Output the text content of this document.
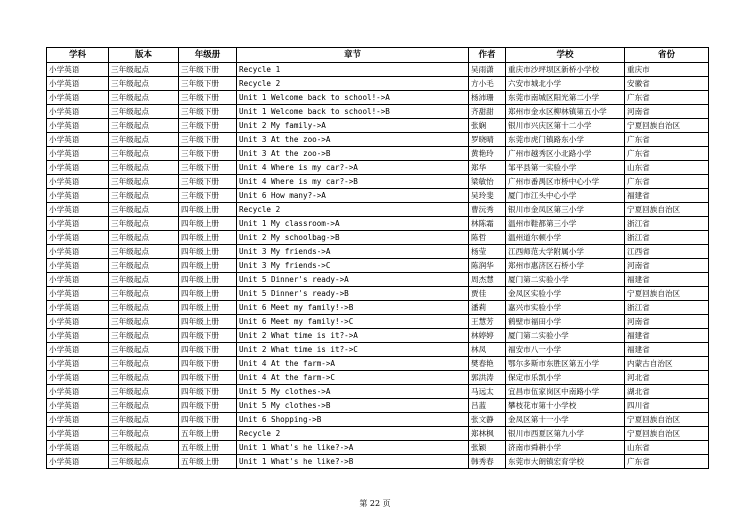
学科	版本	年级册	章节	作者	学校	省份
小学英语	三年级起点	三年级下册	Recycle 1	吴雨潇	重庆市沙坪坝区新桥小学校	重庆市
小学英语	三年级起点	三年级下册	Recycle 2	方小毛	六安市城北小学	安徽省
小学英语	三年级起点	三年级下册	Unit 1 Welcome back to school!->A	杨沛珊	东莞市南城区阳光第二小学	广东省
小学英语	三年级起点	三年级下册	Unit 1 Welcome back to school!->B	齐甜甜	郑州市金水区柳林镇第五小学	河南省
小学英语	三年级起点	三年级下册	Unit 2 My family->A	张娴	银川市兴庆区第十二小学	宁夏回族自治区
小学英语	三年级起点	三年级下册	Unit 3 At the zoo->A	罗晓晴	东莞市虎门镇路东小学	广东省
小学英语	三年级起点	三年级下册	Unit 3 At the zoo->B	黄艳玲	广州市越秀区小北路小学	广东省
小学英语	三年级起点	三年级下册	Unit 4 Where is my car?->A	郑华	邹平县第一实验小学	山东省
小学英语	三年级起点	三年级下册	Unit 4 Where is my car?->B	梁敏怡	广州市番禺区市桥中心小学	广东省
小学英语	三年级起点	三年级下册	Unit 6 How many?->A	吴玲斐	厦门市江头中心小学	福建省
小学英语	三年级起点	四年级上册	Recycle 2	曹沅秀	银川市金凤区第三小学	宁夏回族自治区
小学英语	三年级起点	四年级上册	Unit 1 My classroom->A	林陈霜	温州市鞋都第三小学	浙江省
小学英语	三年级起点	四年级上册	Unit 2 My schoolbag->B	陈哲	温州道尔顿小学	浙江省
小学英语	三年级起点	四年级上册	Unit 3 My friends->A	杨莹	江西师范大学附属小学	江西省
小学英语	三年级起点	四年级上册	Unit 3 My friends->C	陈润华	郑州市惠济区石桥小学	河南省
小学英语	三年级起点	四年级上册	Unit 5 Dinner's ready->A	周杰慧	厦门第二实验小学	福建省
小学英语	三年级起点	四年级上册	Unit 5 Dinner's ready->B	贾佳	金凤区实验小学	宁夏回族自治区
小学英语	三年级起点	四年级上册	Unit 6 Meet my family!->B	潘莉	嘉兴市实验小学	浙江省
小学英语	三年级起点	四年级上册	Unit 6 Meet my family!->C	王慧芳	鹤壁市福田小学	河南省
小学英语	三年级起点	四年级下册	Unit 2 What time is it?->A	林婷婷	厦门第二实验小学	福建省
小学英语	三年级起点	四年级下册	Unit 2 What time is it?->C	林凤	福安市八一小学	福建省
小学英语	三年级起点	四年级下册	Unit 4 At the farm->A	樊春艳	鄂尔多斯市东胜区第五小学	内蒙古自治区
小学英语	三年级起点	四年级下册	Unit 4 At the farm->C	郭洪涛	保定市乐凯小学	河北省
小学英语	三年级起点	四年级下册	Unit 5 My clothes->A	马远太	宜昌市伍家岗区中南路小学	湖北省
小学英语	三年级起点	四年级下册	Unit 5 My clothes->B	吕蓝	攀枝花市第十小学校	四川省
小学英语	三年级起点	四年级下册	Unit 6 Shopping->B	张文静	金凤区第十一小学	宁夏回族自治区
小学英语	三年级起点	五年级上册	Recycle 2	郑林枫	银川市西夏区第九小学	宁夏回族自治区
小学英语	三年级起点	五年级上册	Unit 1 What's he like?->A	张颖	济南市舜耕小学	山东省
小学英语	三年级起点	五年级上册	Unit 1 What's he like?->B	韩秀春	东莞市大朗镇宏育学校	广东省
第 22 页
